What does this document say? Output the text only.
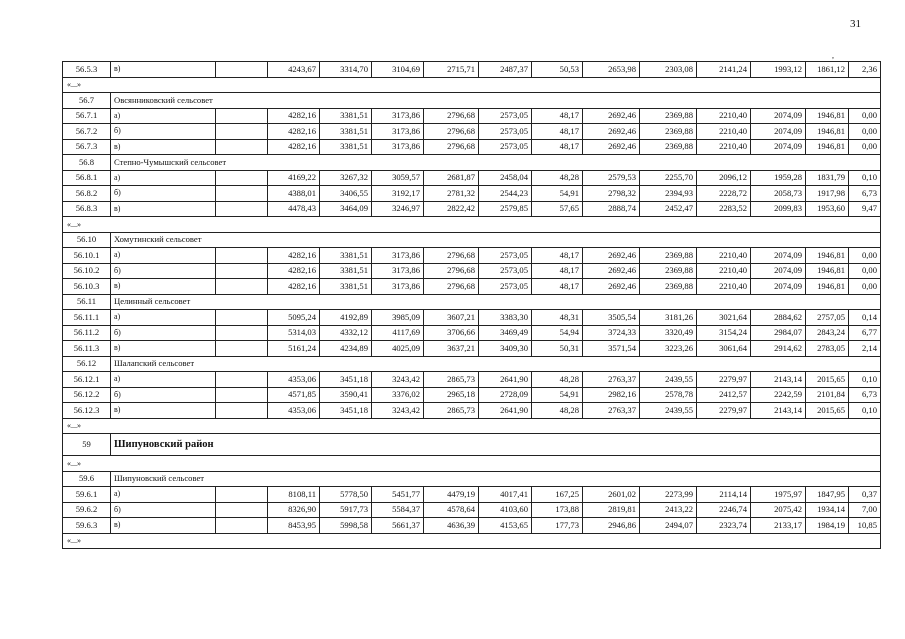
31
,
56.5.3	в)		4243,67	3314,70	3104,69	2715,71	2487,37	50,53	2653,98	2303,08	2141,24	1993,12	1861,12	2,36
«...»														
56.7	Овсянниковский сельсовет													
56.7.1	а)		4282,16	3381,51	3173,86	2796,68	2573,05	48,17	2692,46	2369,88	2210,40	2074,09	1946,81	0,00
56.7.2	б)		4282,16	3381,51	3173,86	2796,68	2573,05	48,17	2692,46	2369,88	2210,40	2074,09	1946,81	0,00
56.7.3	в)		4282,16	3381,51	3173,86	2796,68	2573,05	48,17	2692,46	2369,88	2210,40	2074,09	1946,81	0,00
56.8	Степно-Чумышский сельсовет													
56.8.1	а)		4169,22	3267,32	3059,57	2681,87	2458,04	48,28	2579,53	2255,70	2096,12	1959,28	1831,79	0,10
56.8.2	б)		4388,01	3406,55	3192,17	2781,32	2544,23	54,91	2798,32	2394,93	2228,72	2058,73	1917,98	6,73
56.8.3	в)		4478,43	3464,09	3246,97	2822,42	2579,85	57,65	2888,74	2452,47	2283,52	2099,83	1953,60	9,47
«...»														
56.10	Хомутинский сельсовет													
56.10.1	а)		4282,16	3381,51	3173,86	2796,68	2573,05	48,17	2692,46	2369,88	2210,40	2074,09	1946,81	0,00
56.10.2	б)		4282,16	3381,51	3173,86	2796,68	2573,05	48,17	2692,46	2369,88	2210,40	2074,09	1946,81	0,00
56.10.3	в)		4282,16	3381,51	3173,86	2796,68	2573,05	48,17	2692,46	2369,88	2210,40	2074,09	1946,81	0,00
56.11	Целинный сельсовет													
56.11.1	а)		5095,24	4192,89	3985,09	3607,21	3383,30	48,31	3505,54	3181,26	3021,64	2884,62	2757,05	0,14
56.11.2	б)		5314,03	4332,12	4117,69	3706,66	3469,49	54,94	3724,33	3320,49	3154,24	2984,07	2843,24	6,77
56.11.3	в)		5161,24	4234,89	4025,09	3637,21	3409,30	50,31	3571,54	3223,26	3061,64	2914,62	2783,05	2,14
56.12	Шалапский сельсовет													
56.12.1	а)		4353,06	3451,18	3243,42	2865,73	2641,90	48,28	2763,37	2439,55	2279,97	2143,14	2015,65	0,10
56.12.2	б)		4571,85	3590,41	3376,02	2965,18	2728,09	54,91	2982,16	2578,78	2412,57	2242,59	2101,84	6,73
56.12.3	в)		4353,06	3451,18	3243,42	2865,73	2641,90	48,28	2763,37	2439,55	2279,97	2143,14	2015,65	0,10
«...»														
59	Шипуновский район													
«...»														
59.6	Шипуновский сельсовет													
59.6.1	а)		8108,11	5778,50	5451,77	4479,19	4017,41	167,25	2601,02	2273,99	2114,14	1975,97	1847,95	0,37
59.6.2	б)		8326,90	5917,73	5584,37	4578,64	4103,60	173,88	2819,81	2413,22	2246,74	2075,42	1934,14	7,00
59.6.3	в)		8453,95	5998,58	5661,37	4636,39	4153,65	177,73	2946,86	2494,07	2323,74	2133,17	1984,19	10,85
«...»														
